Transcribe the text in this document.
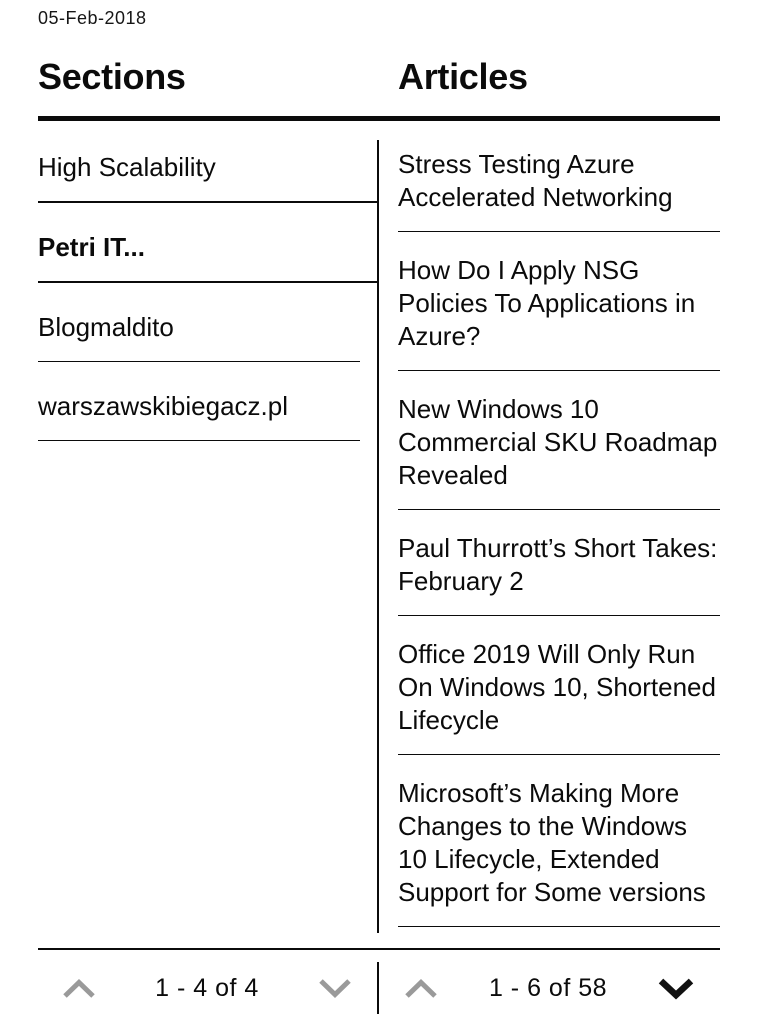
05-Feb-2018
Sections	Articles
High Scalability
Petri IT...
Blogmaldito
warszawskibiegacz.pl
Stress Testing Azure Accelerated Networking
How Do I Apply NSG Policies To Applications in Azure?
New Windows 10 Commercial SKU Roadmap Revealed
Paul Thurrott’s Short Takes: February 2
Office 2019 Will Only Run On Windows 10, Shortened Lifecycle
Microsoft’s Making More Changes to the Windows 10 Lifecycle, Extended Support for Some versions
1 - 4 of 4	1 - 6 of 58
